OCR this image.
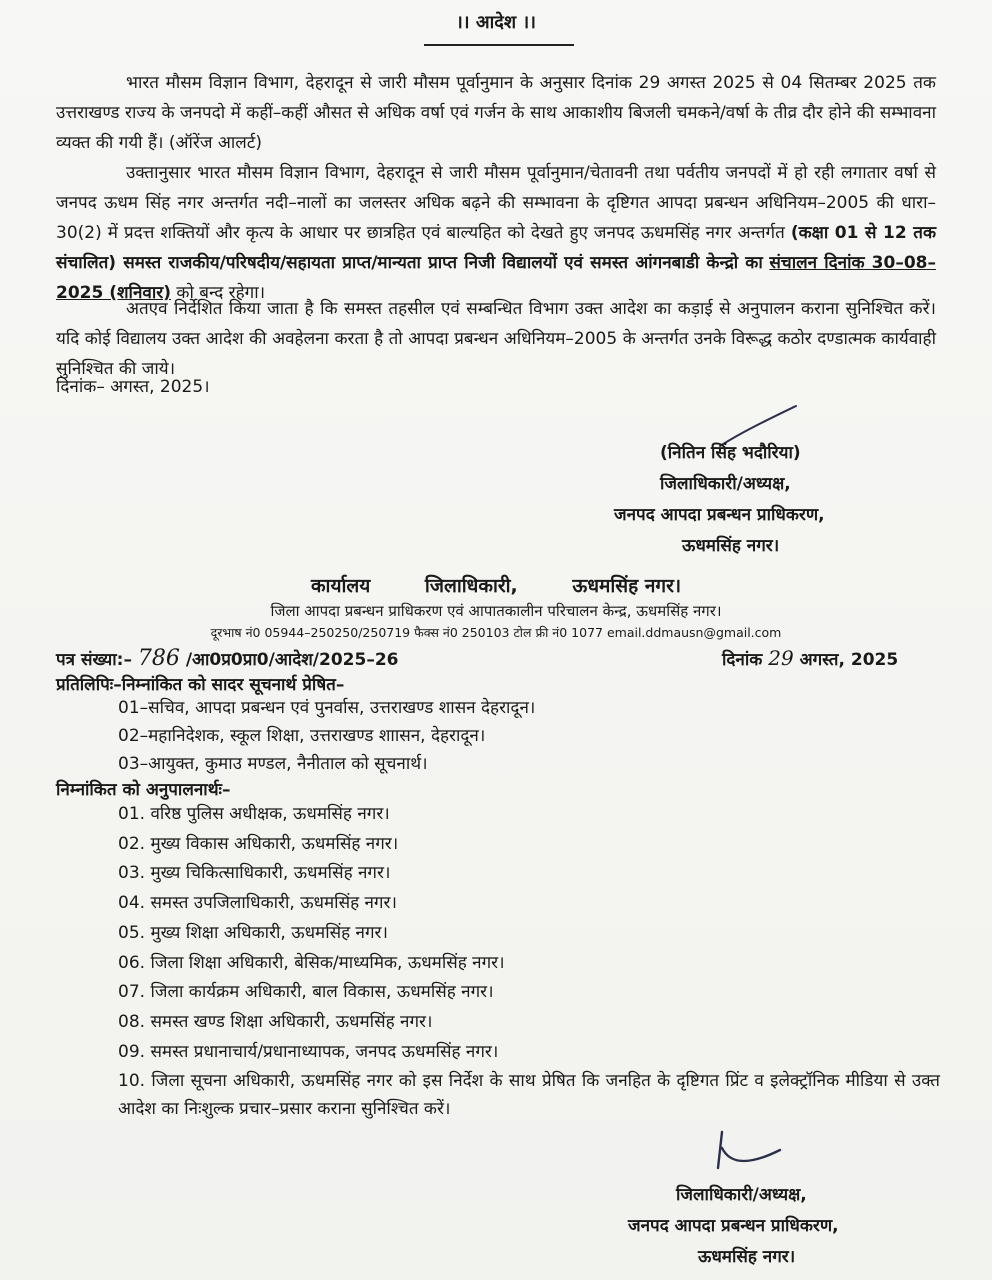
।। आदेश ।।
भारत मौसम विज्ञान विभाग, देहरादून से जारी मौसम पूर्वानुमान के अनुसार दिनांक 29 अगस्त 2025 से 04 सितम्बर 2025 तक उत्तराखण्ड राज्य के जनपदो में कहीं–कहीं औसत से अधिक वर्षा एवं गर्जन के साथ आकाशीय बिजली चमकने/वर्षा के तीव्र दौर होने की सम्भावना व्यक्त की गयी हैं। (ऑरेंज आलर्ट)
उक्तानुसार भारत मौसम विज्ञान विभाग, देहरादून से जारी मौसम पूर्वानुमान/चेतावनी तथा पर्वतीय जनपदों में हो रही लगातार वर्षा से जनपद ऊधम सिंह नगर अन्तर्गत नदी–नालों का जलस्तर अधिक बढ़ने की सम्भावना के दृष्टिगत आपदा प्रबन्धन अधिनियम–2005 की धारा–30(2) में प्रदत्त शक्तियों और कृत्य के आधार पर छात्रहित एवं बाल्यहित को देखते हुए जनपद ऊधमसिंह नगर अन्तर्गत (कक्षा 01 से 12 तक संचालित) समस्त राजकीय/परिषदीय/सहायता प्राप्त/मान्यता प्राप्त निजी विद्यालयों एवं समस्त आंगनबाडी केन्द्रो का संचालन दिनांक 30–08–2025 (शनिवार) को बन्द रहेगा।
अतएव निर्देशित किया जाता है कि समस्त तहसील एवं सम्बन्धित विभाग उक्त आदेश का कड़ाई से अनुपालन कराना सुनिश्चित करें। यदि कोई विद्यालय उक्त आदेश की अवहेलना करता है तो आपदा प्रबन्धन अधिनियम–2005 के अन्तर्गत उनके विरूद्ध कठोर दण्डात्मक कार्यवाही सुनिश्चित की जाये।
दिनांक– अगस्त, 2025।
(नितिन सिंह भदौरिया)
जिलाधिकारी/अध्यक्ष,
जनपद आपदा प्रबन्धन प्राधिकरण,
ऊधमसिंह नगर।
कार्यालय	जिलाधिकारी,	ऊधमसिंह नगर।
जिला आपदा प्रबन्धन प्राधिकरण एवं आपातकालीन परिचालन केन्द्र, ऊधमसिंह नगर।
दूरभाष नं0 05944–250250/250719 फैक्स नं0 250103 टोल फ्री नं0 1077 email.ddmausn@gmail.com
पत्र संख्या:– 786 /आ0प्र0प्रा0/आदेश/2025–26	दिनांक 29 अगस्त, 2025
प्रतिलिपिः–निम्नांकित को सादर सूचनार्थ प्रेषित–
01–सचिव, आपदा प्रबन्धन एवं पुनर्वास, उत्तराखण्ड शासन देहरादून।
02–महानिदेशक, स्कूल शिक्षा, उत्तराखण्ड शाासन, देहरादून।
03–आयुक्त, कुमाउ मण्डल, नैनीताल को सूचनार्थ।
निम्नांकित को अनुपालनार्थः–
01. वरिष्ठ पुलिस अधीक्षक, ऊधमसिंह नगर।
02. मुख्य विकास अधिकारी, ऊधमसिंह नगर।
03. मुख्य चिकित्साधिकारी, ऊधमसिंह नगर।
04. समस्त उपजिलाधिकारी, ऊधमसिंह नगर।
05. मुख्य शिक्षा अधिकारी, ऊधमसिंह नगर।
06. जिला शिक्षा अधिकारी, बेसिक/माध्यमिक, ऊधमसिंह नगर।
07. जिला कार्यक्रम अधिकारी, बाल विकास, ऊधमसिंह नगर।
08. समस्त खण्ड शिक्षा अधिकारी, ऊधमसिंह नगर।
09. समस्त प्रधानाचार्य/प्रधानाध्यापक, जनपद ऊधमसिंह नगर।
10. जिला सूचना अधिकारी, ऊधमसिंह नगर को इस निर्देश के साथ प्रेषित कि जनहित के दृष्टिगत प्रिंट व इलेक्ट्रॉनिक मीडिया से उक्त आदेश का निःशुल्क प्रचार–प्रसार कराना सुनिश्चित करें।
जिलाधिकारी/अध्यक्ष,
जनपद आपदा प्रबन्धन प्राधिकरण,
ऊधमसिंह नगर।
